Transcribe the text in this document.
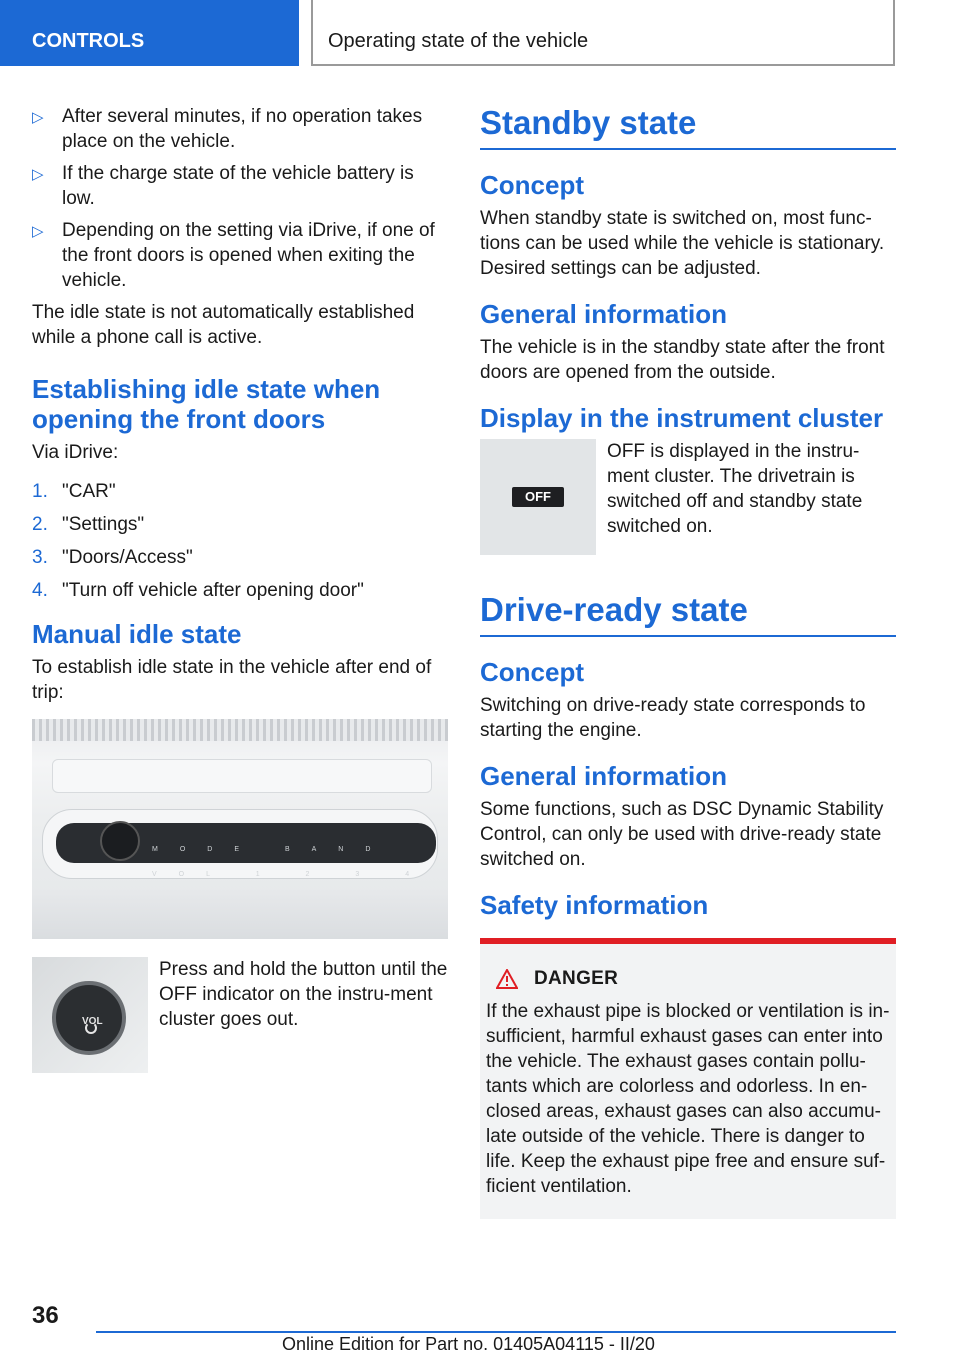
CONTROLS	Operating state of the vehicle
▷ After several minutes, if no operation takes place on the vehicle.
▷ If the charge state of the vehicle battery is low.
▷ Depending on the setting via iDrive, if one of the front doors is opened when exiting the vehicle.

The idle state is not automatically established while a phone call is active.

Establishing idle state when opening the front doors

Via iDrive:

1. "CAR"
2. "Settings"
3. "Doors/Access"
4. "Turn off vehicle after opening door"
Manual idle state

To establish idle state in the vehicle after end of trip:

MODE BAND VOL 1 2 3 4
VOL

Press and hold the button until the OFF indicator on the instru-ment cluster goes out.

Standby state
Concept

When standby state is switched on, most func-tions can be used while the vehicle is stationary. Desired settings can be adjusted.

General information

The vehicle is in the standby state after the front doors are opened from the outside.

Display in the instrument cluster
OFF

OFF is displayed in the instru-ment cluster. The drivetrain is switched off and standby state switched on.

Drive-ready state
Concept

Switching on drive-ready state corresponds to starting the engine.

General information

Some functions, such as DSC Dynamic Stability Control, can only be used with drive-ready state switched on.

Safety information
DANGER

If the exhaust pipe is blocked or ventilation is in-sufficient, harmful exhaust gases can enter into the vehicle. The exhaust gases contain pollu-tants which are colorless and odorless. In en-closed areas, exhaust gases can also accumu-late outside of the vehicle. There is danger to life. Keep the exhaust pipe free and ensure suf-ficient ventilation.

36
Online Edition for Part no. 01405A04115 - II/20
